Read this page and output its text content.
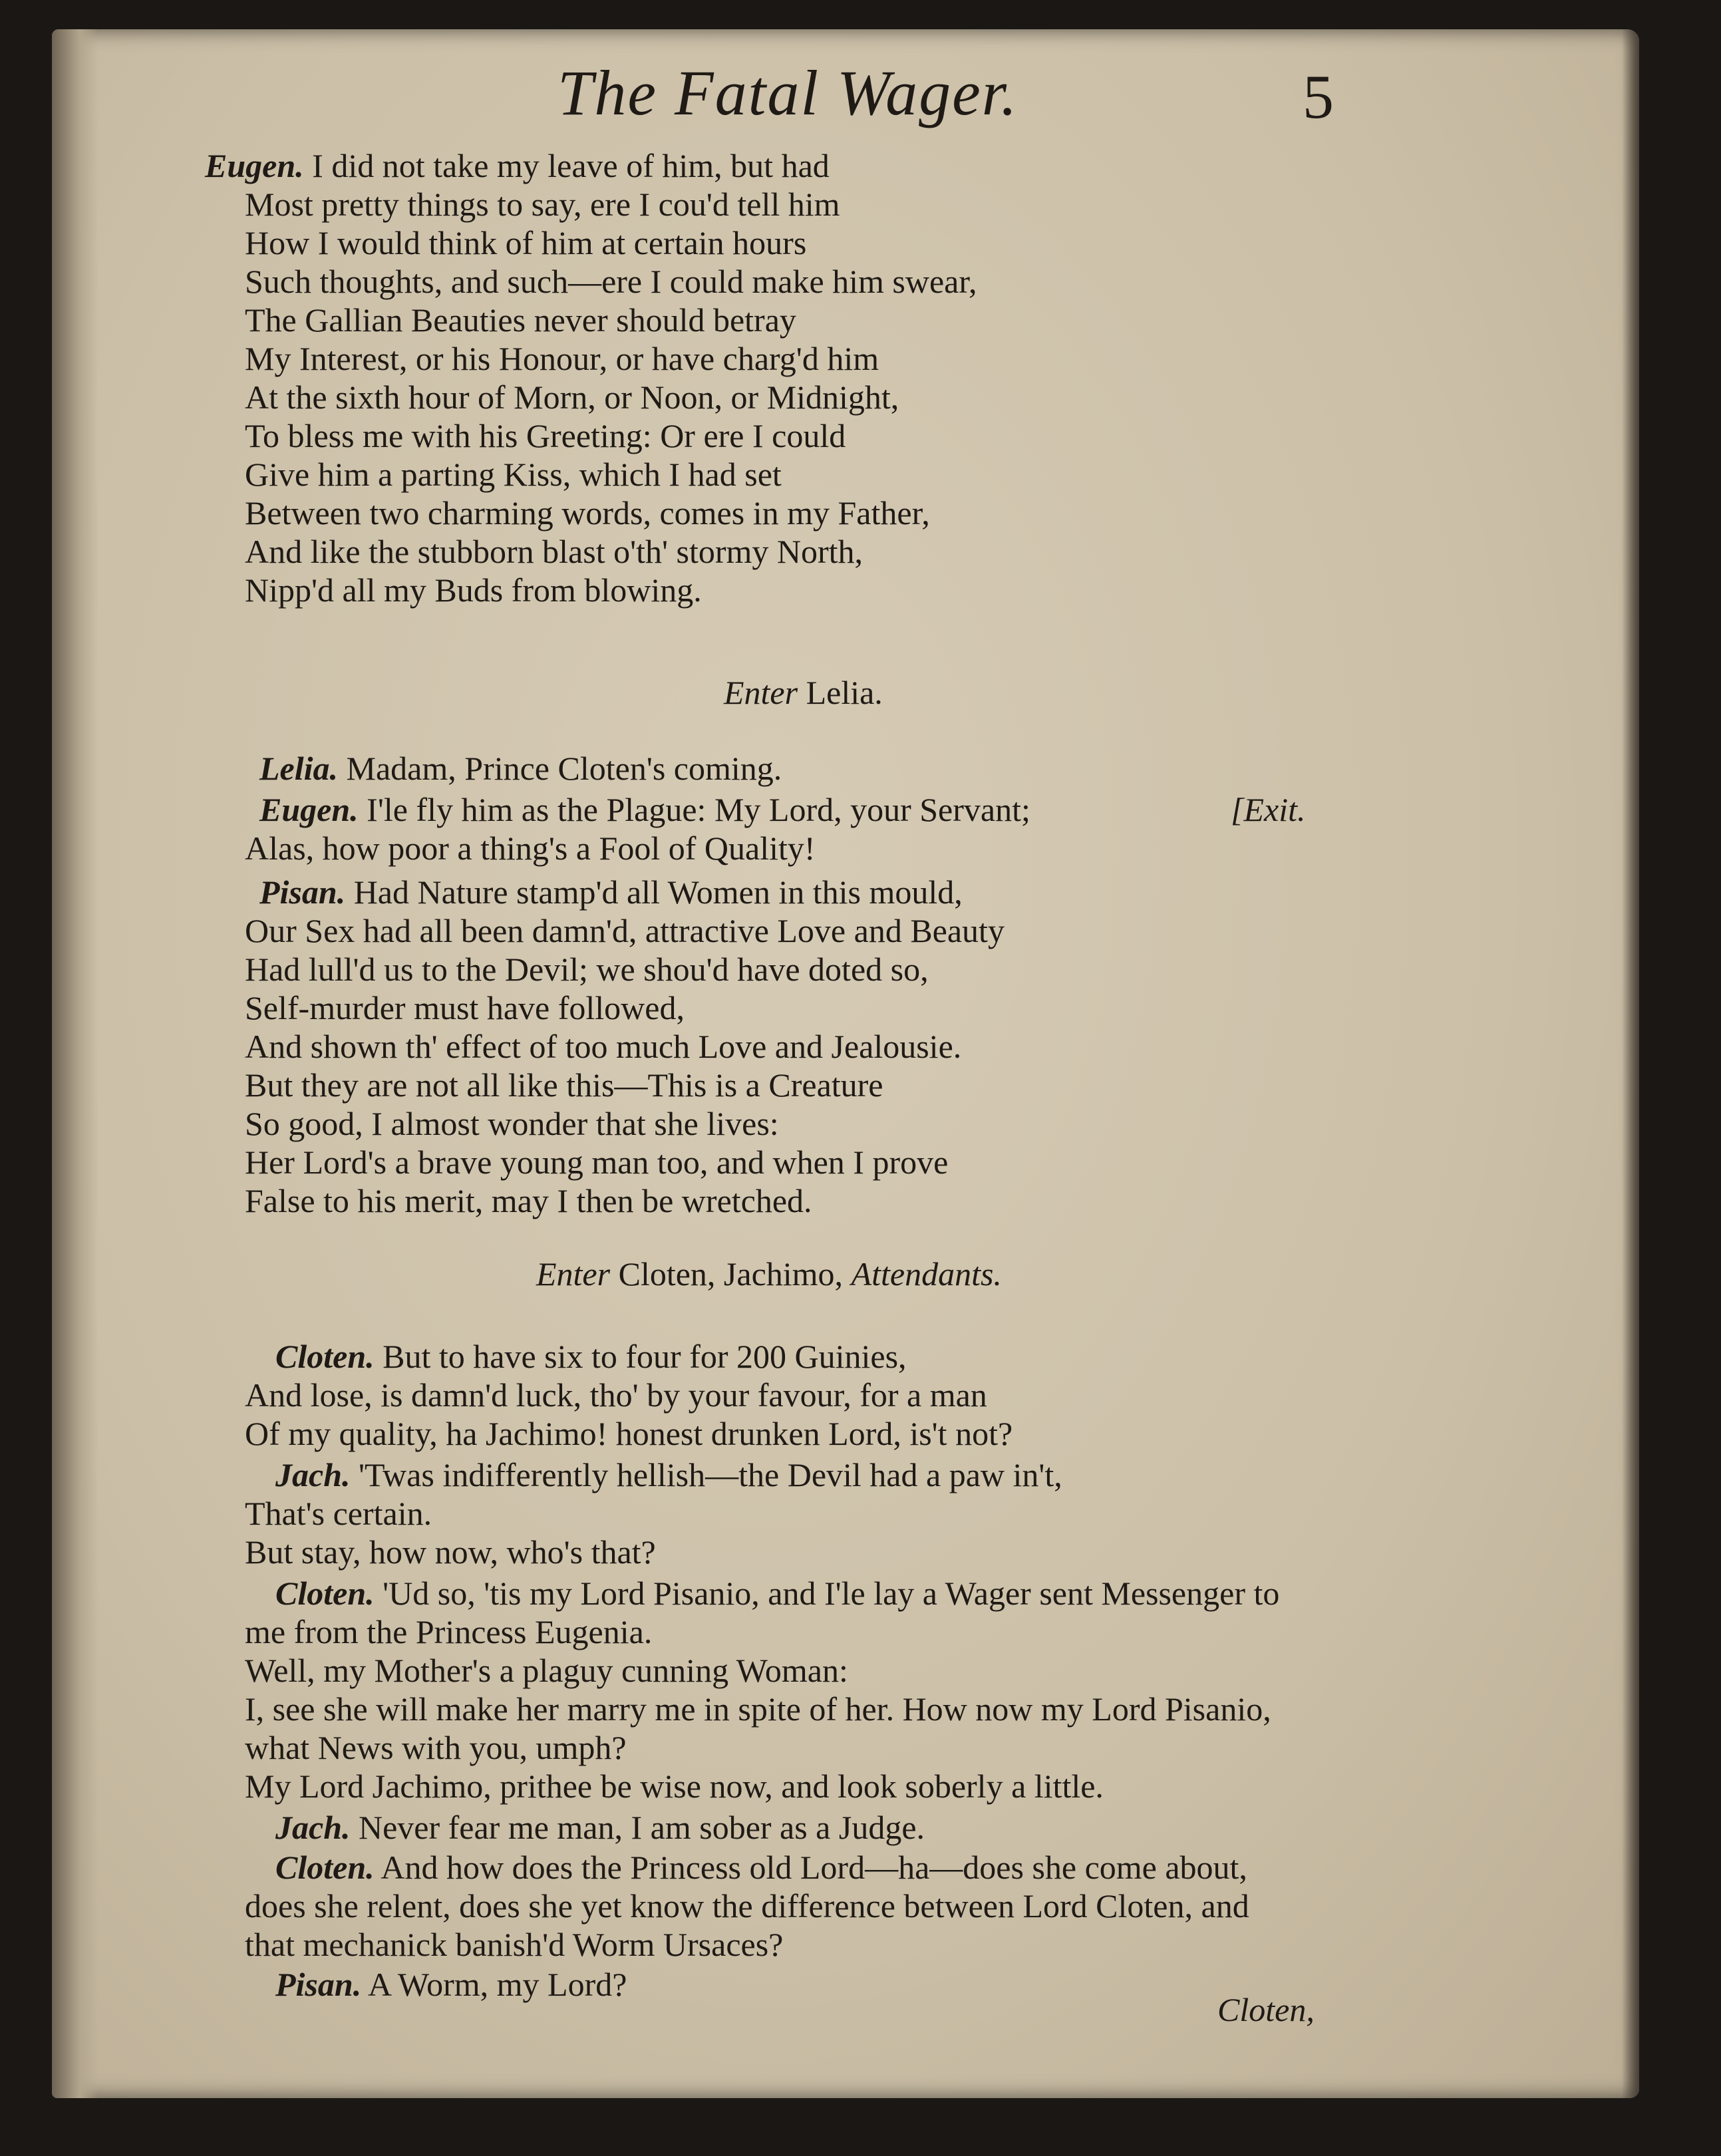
The Fatal Wager.	5
Eugen. I did not take my leave of him, but had
Most pretty things to say, ere I cou'd tell him
How I would think of him at certain hours
Such thoughts, and such—ere I could make him swear,
The Gallian Beauties never should betray
My Interest, or his Honour, or have charg'd him
At the sixth hour of Morn, or Noon, or Midnight,
To bless me with his Greeting: Or ere I could
Give him a parting Kiss, which I had set
Between two charming words, comes in my Father,
And like the stubborn blast o'th' stormy North,
Nipp'd all my Buds from blowing.
Enter Lelia.
Lelia. Madam, Prince Cloten's coming.
Eugen. I'le fly him as the Plague: My Lord, your Servant;
Alas, how poor a thing's a Fool of Quality!
Pisan. Had Nature stamp'd all Women in this mould,
Our Sex had all been damn'd, attractive Love and Beauty
Had lull'd us to the Devil; we shou'd have doted so,
Self-murder must have followed,
And shown th' effect of too much Love and Jealousie.
But they are not all like this—This is a Creature
So good, I almost wonder that she lives:
Her Lord's a brave young man too, and when I prove
False to his merit, may I then be wretched.
Enter Cloten, Jachimo, Attendants.
Cloten. But to have six to four for 200 Guinies,
And lose, is damn'd luck, tho' by your favour, for a man
Of my quality, ha Jachimo! honest drunken Lord, is't not?
Jach. 'Twas indifferently hellish—the Devil had a paw in't,
That's certain.
But stay, how now, who's that?
Cloten. 'Ud so, 'tis my Lord Pisanio, and I'le lay a Wager sent Messenger to
me from the Princess Eugenia.
Well, my Mother's a plaguy cunning Woman:
I, see she will make her marry me in spite of her. How now my Lord Pisanio,
what News with you, umph?
My Lord Jachimo, prithee be wise now, and look soberly a little.
Jach. Never fear me man, I am sober as a Judge.
Cloten. And how does the Princess old Lord—ha—does she come about,
does she relent, does she yet know the difference between Lord Cloten, and
that mechanick banish'd Worm Ursaces?
Pisan. A Worm, my Lord?
[Exit.
Cloten,
